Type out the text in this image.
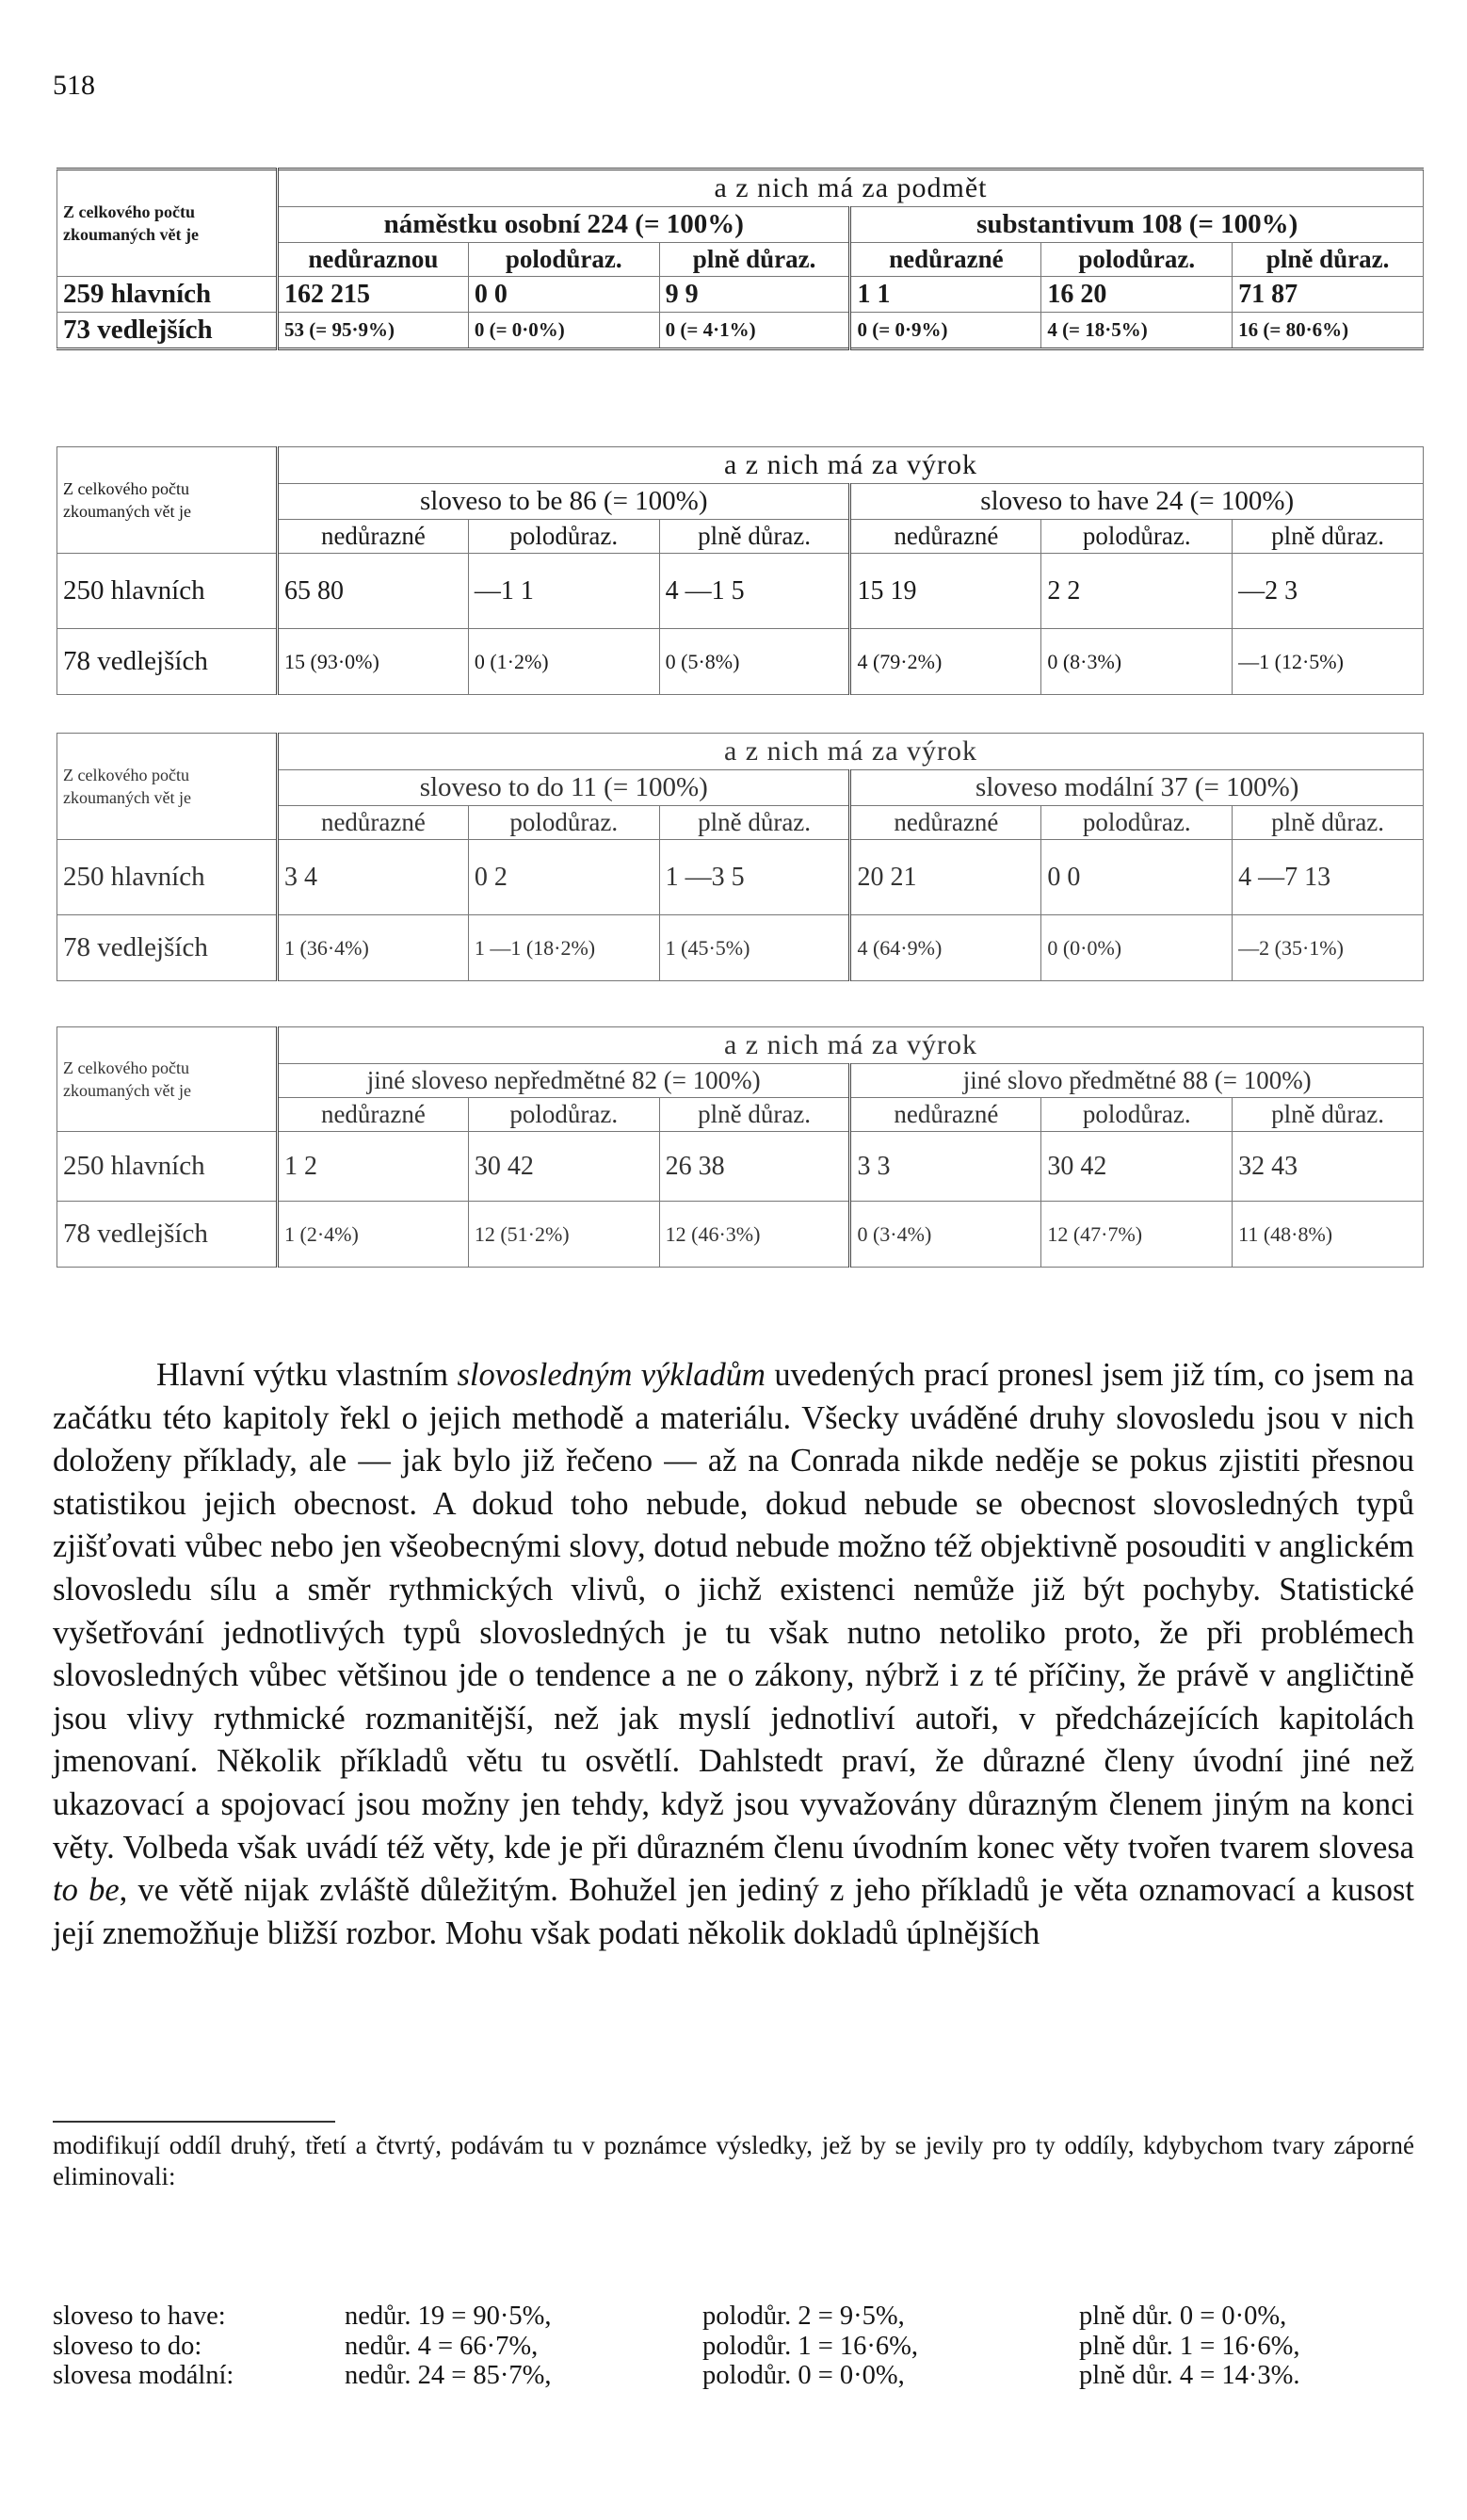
518
Z celkového počtu zkoumaných vět je	a z nich má za podmět					
	náměstku osobní 224 (= 100%)			substantivum 108 (= 100%)		
	nedůraznou	polodůraz.	plně důraz.	nedůrazné	polodůraz.	plně důraz.
259 hlavních	162 215	0 0	9 9	1 1	16 20	71 87
73 vedlejších	53 (= 95·9%)	0 (= 0·0%)	0 (= 4·1%)	0 (= 0·9%)	4 (= 18·5%)	16 (= 80·6%)
Z celkového počtu zkoumaných vět je	a z nich má za výrok					
	sloveso to be 86 (= 100%)			sloveso to have 24 (= 100%)		
	nedůrazné	polodůraz.	plně důraz.	nedůrazné	polodůraz.	plně důraz.
250 hlavních	65 80	—1 1	4 —1 5	15 19	2 2	—2 3
78 vedlejších	15 (93·0%)	0 (1·2%)	0 (5·8%)	4 (79·2%)	0 (8·3%)	—1 (12·5%)
Z celkového počtu zkoumaných vět je	a z nich má za výrok					
	sloveso to do 11 (= 100%)			sloveso modální 37 (= 100%)		
	nedůrazné	polodůraz.	plně důraz.	nedůrazné	polodůraz.	plně důraz.
250 hlavních	3 4	0 2	1 —3 5	20 21	0 0	4 —7 13
78 vedlejších	1 (36·4%)	1 —1 (18·2%)	1 (45·5%)	4 (64·9%)	0 (0·0%)	—2 (35·1%)
Z celkového počtu zkoumaných vět je	a z nich má za výrok					
	jiné sloveso nepředmětné 82 (= 100%)			jiné slovo předmětné 88 (= 100%)		
	nedůrazné	polodůraz.	plně důraz.	nedůrazné	polodůraz.	plně důraz.
250 hlavních	1 2	30 42	26 38	3 3	30 42	32 43
78 vedlejších	1 (2·4%)	12 (51·2%)	12 (46·3%)	0 (3·4%)	12 (47·7%)	11 (48·8%)

Hlavní výtku vlastním slovosledným výkladům uvedených prací pronesl jsem již tím, co jsem na začátku této kapitoly řekl o jejich methodě a materiálu. Všecky uváděné druhy slovosledu jsou v nich doloženy příklady, ale — jak bylo již řečeno — až na Conrada nikde neděje se pokus zjistiti přesnou statistikou jejich obecnost. A dokud toho nebude, dokud nebude se obecnost slovosledných typů zjišťovati vůbec nebo jen všeobecnými slovy, dotud nebude možno též objektivně posouditi v anglickém slovosledu sílu a směr rythmických vlivů, o jichž existenci nemůže již být pochyby. Statistické vyšetřování jednotlivých typů slovosledných je tu však nutno netoliko proto, že při problémech slovosledných vůbec většinou jde o tendence a ne o zákony, nýbrž i z té příčiny, že právě v angličtině jsou vlivy rythmické rozmanitější, než jak myslí jednotliví autoři, v předcházejících kapitolách jmenovaní. Několik příkladů větu tu osvětlí. Dahlstedt praví, že důrazné členy úvodní jiné než ukazovací a spojovací jsou možny jen tehdy, když jsou vyvažovány důrazným členem jiným na konci věty. Volbeda však uvádí též věty, kde je při důrazném členu úvodním konec věty tvořen tvarem slovesa to be, ve větě nijak zvláště důležitým. Bohužel jen jediný z jeho příkladů je věta oznamovací a kusost její znemožňuje bližší rozbor. Mohu však podati několik dokladů úplnějších

modifikují oddíl druhý, třetí a čtvrtý, podávám tu v poznámce výsledky, jež by se jevily pro ty oddíly, kdybychom tvary záporné eliminovali:
sloveso to have:	nedůr. 19 = 90·5%,	polodůr. 2 = 9·5%,	plně důr. 0 = 0·0%,
sloveso to do:	nedůr. 4 = 66·7%,	polodůr. 1 = 16·6%,	plně důr. 1 = 16·6%,
slovesa modální:	nedůr. 24 = 85·7%,	polodůr. 0 = 0·0%,	plně důr. 4 = 14·3%.
